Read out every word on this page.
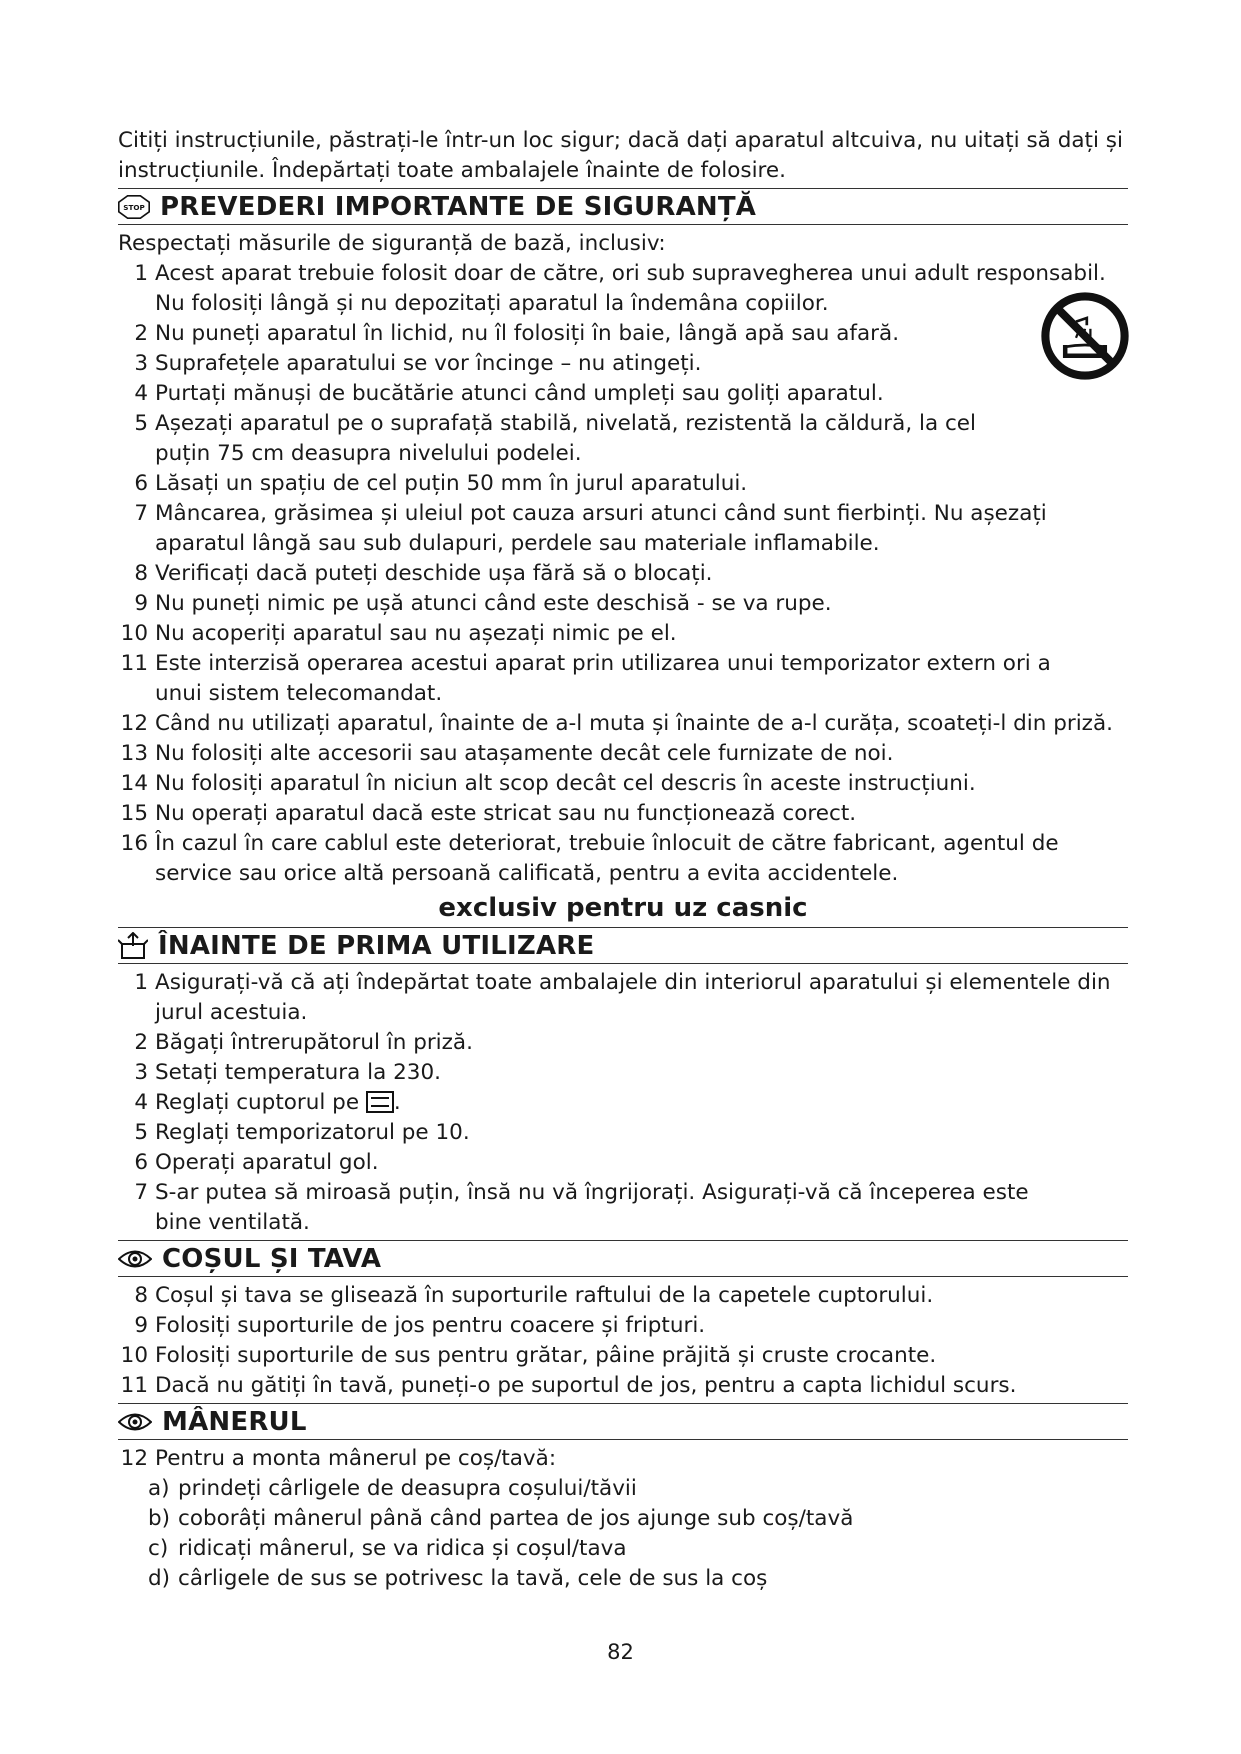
Citiți instrucțiunile, păstrați-le într-un loc sigur; dacă dați aparatul altcuiva, nu uitați să dați și instrucțiunile. Îndepărtați toate ambalajele înainte de folosire.

STOP PREVEDERI IMPORTANTE DE SIGURANȚĂ

Respectați măsurile de siguranță de bază, inclusiv:

1 Acest aparat trebuie folosit doar de către, ori sub supravegherea unui adult responsabil. Nu folosiți lângă și nu depozitați aparatul la îndemâna copiilor.
2 Nu puneți aparatul în lichid, nu îl folosiți în baie, lângă apă sau afară.
3 Suprafețele aparatului se vor încinge – nu atingeți.
4 Purtați mănuși de bucătărie atunci când umpleți sau goliți aparatul.
5 Așezați aparatul pe o suprafață stabilă, nivelată, rezistentă la căldură, la cel puțin 75 cm deasupra nivelului podelei.
6 Lăsați un spațiu de cel puțin 50 mm în jurul aparatului.
7 Mâncarea, grăsimea și uleiul pot cauza arsuri atunci când sunt fierbinți. Nu așezați aparatul lângă sau sub dulapuri, perdele sau materiale inflamabile.
8 Verificați dacă puteți deschide ușa fără să o blocați.
9 Nu puneți nimic pe ușă atunci când este deschisă - se va rupe.
10 Nu acoperiți aparatul sau nu așezați nimic pe el.
11 Este interzisă operarea acestui aparat prin utilizarea unui temporizator extern ori a unui sistem telecomandat.
12 Când nu utilizați aparatul, înainte de a-l muta și înainte de a-l curăța, scoateți-l din priză.
13 Nu folosiți alte accesorii sau atașamente decât cele furnizate de noi.
14 Nu folosiți aparatul în niciun alt scop decât cel descris în aceste instrucțiuni.
15 Nu operați aparatul dacă este stricat sau nu funcționează corect.
16 În cazul în care cablul este deteriorat, trebuie înlocuit de către fabricant, agentul de service sau orice altă persoană calificată, pentru a evita accidentele.

exclusiv pentru uz casnic

ÎNAINTE DE PRIMA UTILIZARE
1 Asigurați-vă că ați îndepărtat toate ambalajele din interiorul aparatului și elementele din jurul acestuia.
2 Băgați întrerupătorul în priză.
3 Setați temperatura la 230.
4 Reglați cuptorul pe .
5 Reglați temporizatorul pe 10.
6 Operați aparatul gol.
7 S-ar putea să miroasă puțin, însă nu vă îngrijorați. Asigurați-vă că începerea este bine ventilată.
COȘUL ȘI TAVA
8 Coșul și tava se glisează în suporturile raftului de la capetele cuptorului.
9 Folosiți suporturile de jos pentru coacere și fripturi.
10 Folosiți suporturile de sus pentru grătar, pâine prăjită și cruste crocante.
11 Dacă nu gătiți în tavă, puneți-o pe suportul de jos, pentru a capta lichidul scurs.
MÂNERUL
12 Pentru a monta mânerul pe coș/tavă:
a) prindeți cârligele de deasupra coșului/tăvii
b) coborâți mânerul până când partea de jos ajunge sub coș/tavă
c) ridicați mânerul, se va ridica și coșul/tava
d) cârligele de sus se potrivesc la tavă, cele de sus la coș
82
